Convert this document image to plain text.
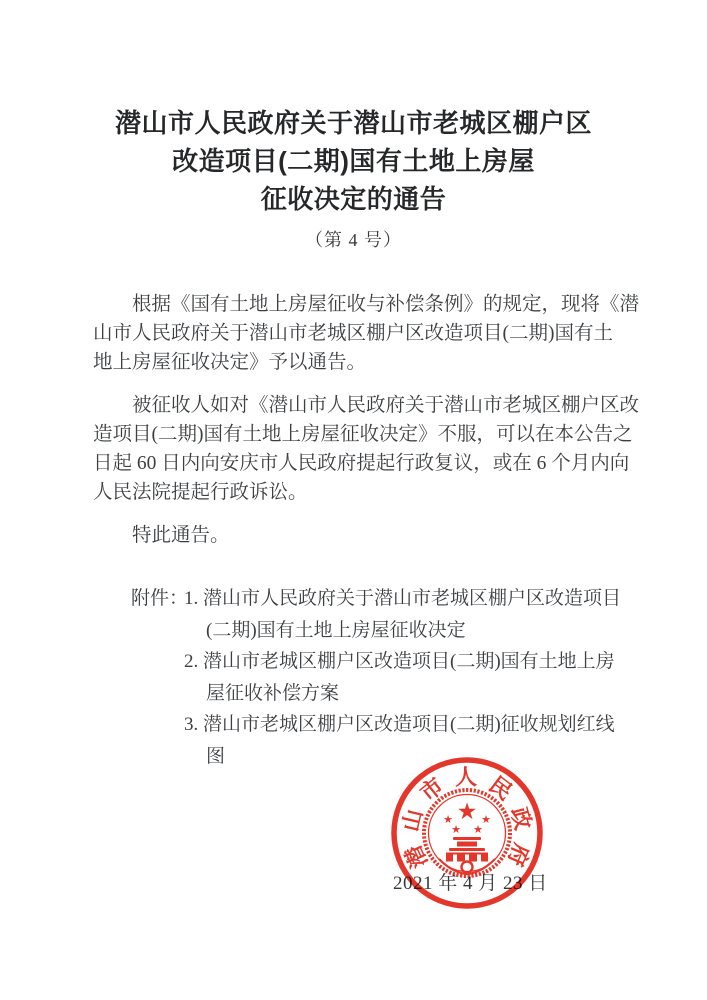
潜山市人民政府关于潜山市老城区棚户区
改造项目(二期)国有土地上房屋
征收决定的通告
（第 4 号）
根据《国有土地上房屋征收与补偿条例》的规定，现将《潜
山市人民政府关于潜山市老城区棚户区改造项目(二期)国有土
地上房屋征收决定》予以通告。
被征收人如对《潜山市人民政府关于潜山市老城区棚户区改
造项目(二期)国有土地上房屋征收决定》不服，可以在本公告之
日起 60 日内向安庆市人民政府提起行政复议，或在 6 个月内向
人民法院提起行政诉讼。
特此通告。
附件：
1. 潜山市人民政府关于潜山市老城区棚户区改造项目
(二期)国有土地上房屋征收决定
2. 潜山市老城区棚户区改造项目(二期)国有土地上房
屋征收补偿方案
3. 潜山市老城区棚户区改造项目(二期)征收规划红线
图
2021 年 4 月 23 日
潜
山
市 人 民
政
府
★
★
★
★
★
